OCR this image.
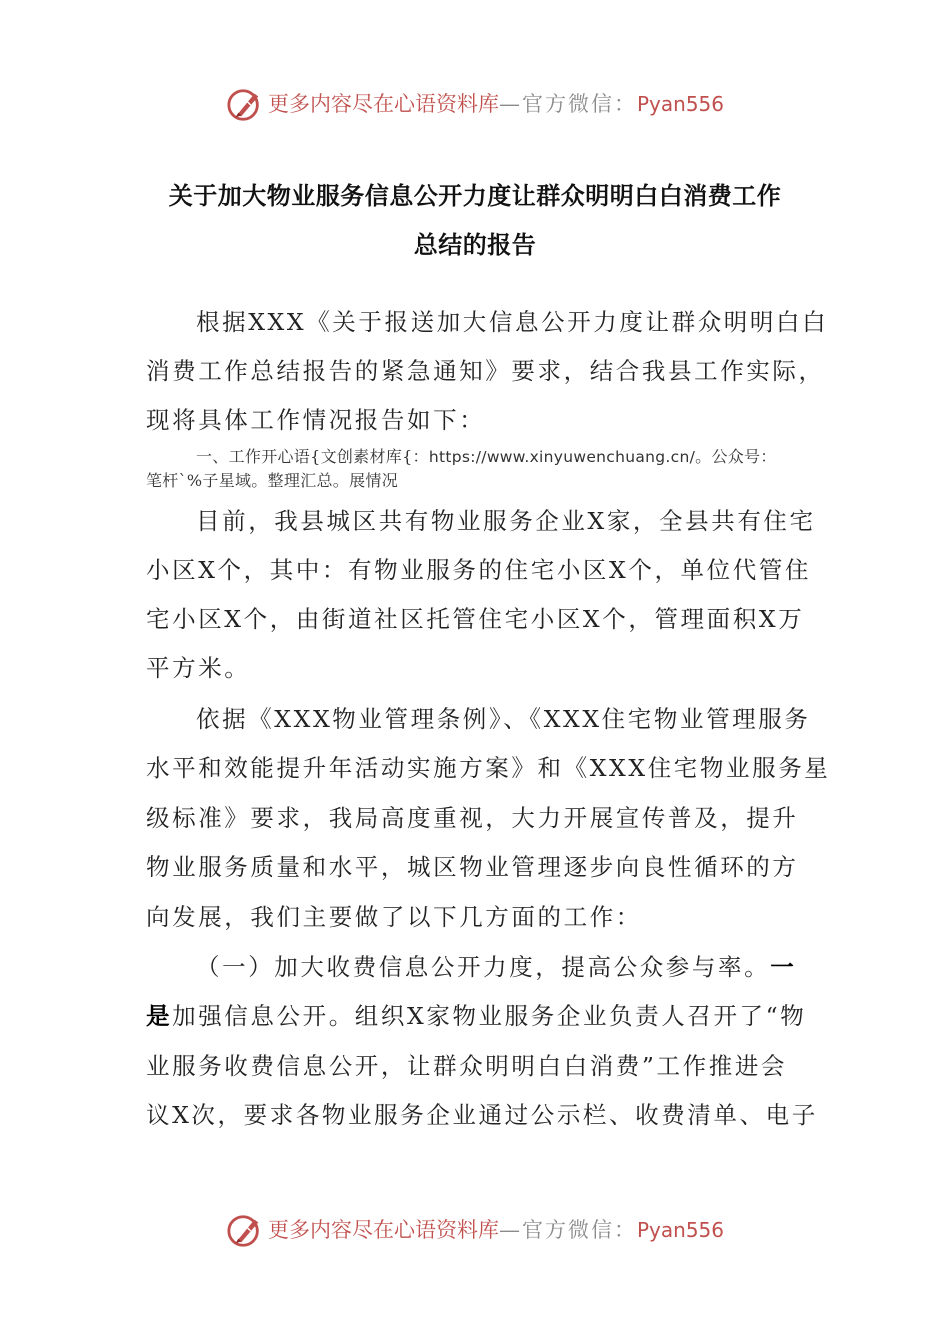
更多内容尽在心语资料库—官方微信：Pyan556
关于加大物业服务信息公开力度让群众明明白白消费工作
总结的报告
根据XXX《关于报送加大信息公开力度让群众明明白白
消费工作总结报告的紧急通知》要求，结合我县工作实际，
现将具体工作情况报告如下：
一、工作开心语{文创素材库{：https://www.xinyuwenchuang.cn/。公众号：
笔杆`%子星域。整理汇总。展情况
目前，我县城区共有物业服务企业X家，全县共有住宅
小区X个，其中：有物业服务的住宅小区X个，单位代管住
宅小区X个，由街道社区托管住宅小区X个，管理面积X万
平方米。
依据《XXX物业管理条例》、《XXX住宅物业管理服务
水平和效能提升年活动实施方案》和《XXX住宅物业服务星
级标准》要求，我局高度重视，大力开展宣传普及，提升
物业服务质量和水平，城区物业管理逐步向良性循环的方
向发展，我们主要做了以下几方面的工作：
（一）加大收费信息公开力度，提高公众参与率。一
是加强信息公开。组织X家物业服务企业负责人召开了“物
业服务收费信息公开，让群众明明白白消费”工作推进会
议X次，要求各物业服务企业通过公示栏、收费清单、电子
更多内容尽在心语资料库—官方微信：Pyan556
